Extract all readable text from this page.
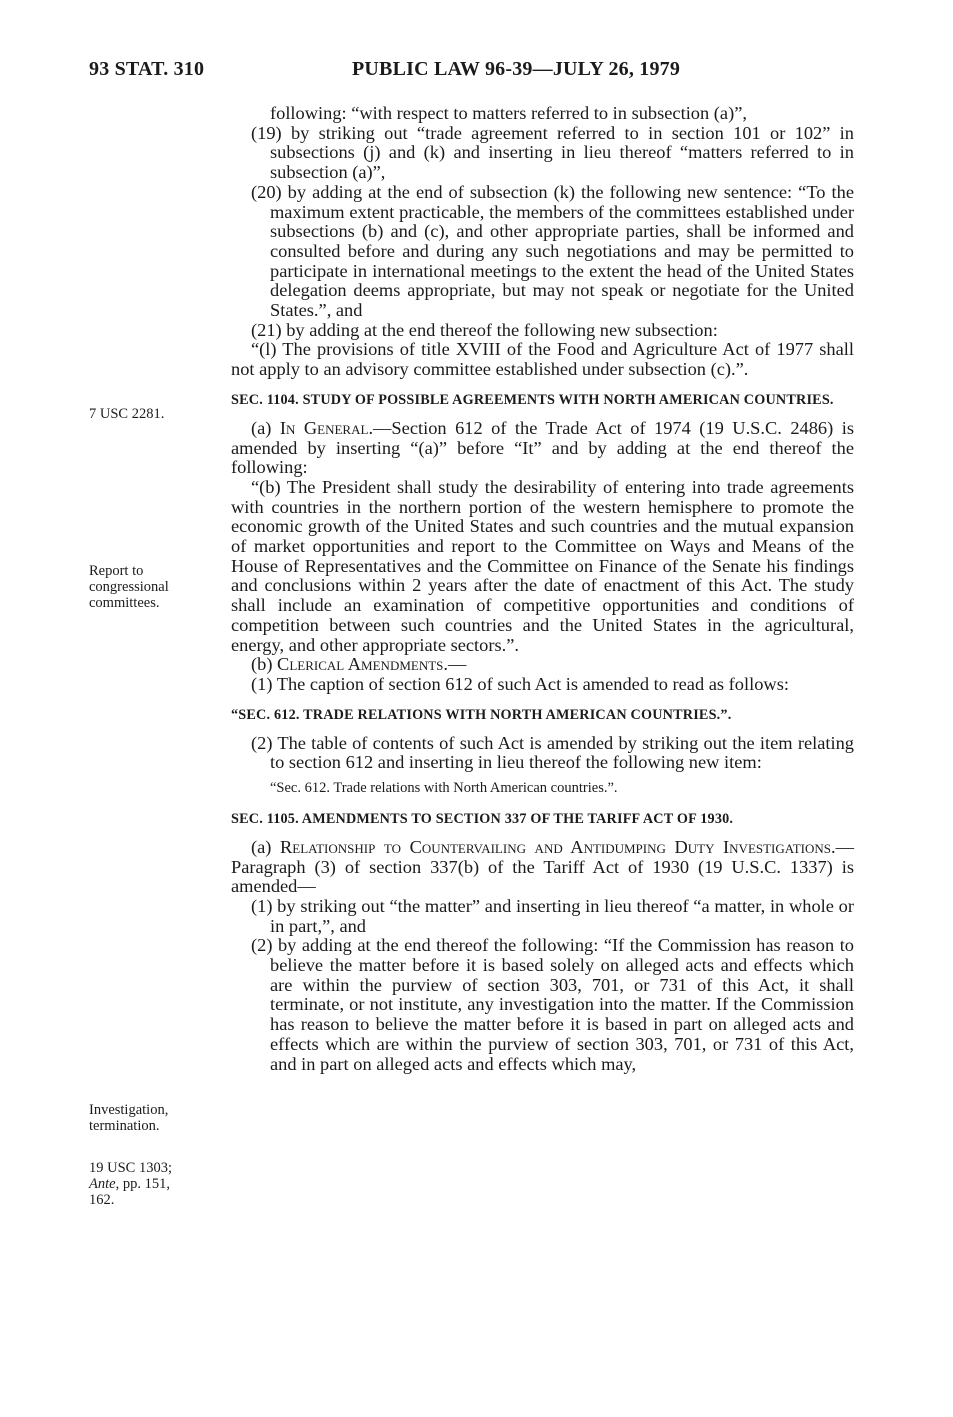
93 STAT. 310	PUBLIC LAW 96-39—JULY 26, 1979
7 USC 2281.
Report to
congressional
committees.
Investigation,
termination.
19 USC 1303;
Ante, pp. 151,
162.

following: “with respect to matters referred to in subsection (a)”,

(19) by striking out “trade agreement referred to in section 101 or 102” in subsections (j) and (k) and inserting in lieu thereof “matters referred to in subsection (a)”,

(20) by adding at the end of subsection (k) the following new sentence: “To the maximum extent practicable, the members of the committees established under subsections (b) and (c), and other appropriate parties, shall be informed and consulted before and during any such negotiations and may be permitted to participate in international meetings to the extent the head of the United States delegation deems appropriate, but may not speak or negotiate for the United States.”, and

(21) by adding at the end thereof the following new subsection:

“(l) The provisions of title XVIII of the Food and Agriculture Act of 1977 shall not apply to an advisory committee established under subsection (c).”.

SEC. 1104. STUDY OF POSSIBLE AGREEMENTS WITH NORTH AMERICAN COUNTRIES.

(a) In General.—Section 612 of the Trade Act of 1974 (19 U.S.C. 2486) is amended by inserting “(a)” before “It” and by adding at the end thereof the following:

“(b) The President shall study the desirability of entering into trade agreements with countries in the northern portion of the western hemisphere to promote the economic growth of the United States and such countries and the mutual expansion of market opportunities and report to the Committee on Ways and Means of the House of Representatives and the Committee on Finance of the Senate his findings and conclusions within 2 years after the date of enactment of this Act. The study shall include an examination of competitive opportunities and conditions of competition between such countries and the United States in the agricultural, energy, and other appropriate sectors.”.

(b) Clerical Amendments.—

(1) The caption of section 612 of such Act is amended to read as follows:

“SEC. 612. TRADE RELATIONS WITH NORTH AMERICAN COUNTRIES.”.

(2) The table of contents of such Act is amended by striking out the item relating to section 612 and inserting in lieu thereof the following new item:

“Sec. 612. Trade relations with North American countries.”.

SEC. 1105. AMENDMENTS TO SECTION 337 OF THE TARIFF ACT OF 1930.

(a) Relationship to Countervailing and Antidumping Duty Investigations.—Paragraph (3) of section 337(b) of the Tariff Act of 1930 (19 U.S.C. 1337) is amended—

(1) by striking out “the matter” and inserting in lieu thereof “a matter, in whole or in part,”, and

(2) by adding at the end thereof the following: “If the Commission has reason to believe the matter before it is based solely on alleged acts and effects which are within the purview of section 303, 701, or 731 of this Act, it shall terminate, or not institute, any investigation into the matter. If the Commission has reason to believe the matter before it is based in part on alleged acts and effects which are within the purview of section 303, 701, or 731 of this Act, and in part on alleged acts and effects which may,
